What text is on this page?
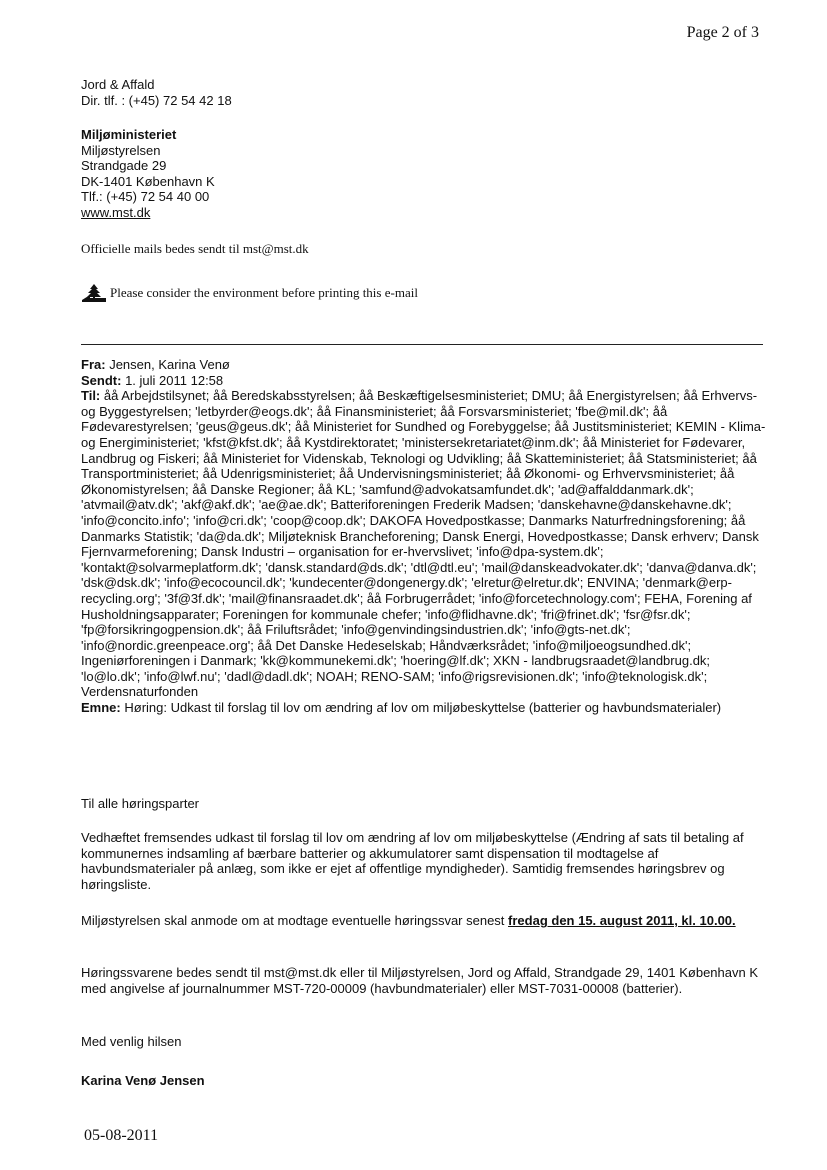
Page 2 of 3
Jord & Affald
Dir. tlf. : (+45) 72 54 42 18
Miljøministeriet
Miljøstyrelsen
Strandgade 29
DK-1401 København K
Tlf.: (+45) 72 54 40 00
www.mst.dk
Officielle mails bedes sendt til mst@mst.dk
Please consider the environment before printing this e-mail
Fra: Jensen, Karina Venø
Sendt: 1. juli 2011 12:58
Til: åå Arbejdstilsynet; åå Beredskabsstyrelsen; åå Beskæftigelsesministeriet; DMU; åå Energistyrelsen; åå Erhvervs- og Byggestyrelsen; 'letbyrder@eogs.dk'; åå Finansministeriet; åå Forsvarsministeriet; 'fbe@mil.dk'; åå Fødevarestyrelsen; 'geus@geus.dk'; åå Ministeriet for Sundhed og Forebyggelse; åå Justitsministeriet; KEMIN - Klima- og Energiministeriet; 'kfst@kfst.dk'; åå Kystdirektoratet; 'ministersekretariatet@inm.dk'; åå Ministeriet for Fødevarer, Landbrug og Fiskeri; åå Ministeriet for Videnskab, Teknologi og Udvikling; åå Skatteministeriet; åå Statsministeriet; åå Transportministeriet; åå Udenrigsministeriet; åå Undervisningsministeriet; åå Økonomi- og Erhvervsministeriet; åå Økonomistyrelsen; åå Danske Regioner; åå KL; 'samfund@advokatsamfundet.dk'; 'ad@affalddanmark.dk'; 'atvmail@atv.dk'; 'akf@akf.dk'; 'ae@ae.dk'; Batteriforeningen Frederik Madsen; 'danskehavne@danskehavne.dk'; 'info@concito.info'; 'info@cri.dk'; 'coop@coop.dk'; DAKOFA Hovedpostkasse; Danmarks Naturfredningsforening; åå Danmarks Statistik; 'da@da.dk'; Miljøteknisk Brancheforening; Dansk Energi, Hovedpostkasse; Dansk erhverv; Dansk Fjernvarmeforening; Dansk Industri – organisation for er-hvervslivet; 'info@dpa-system.dk'; 'kontakt@solvarmeplatform.dk'; 'dansk.standard@ds.dk'; 'dtl@dtl.eu'; 'mail@danskeadvokater.dk'; 'danva@danva.dk'; 'dsk@dsk.dk'; 'info@ecocouncil.dk'; 'kundecenter@dongenergy.dk'; 'elretur@elretur.dk'; ENVINA; 'denmark@erp-recycling.org'; '3f@3f.dk'; 'mail@finansraadet.dk'; åå Forbrugerrådet; 'info@forcetechnology.com'; FEHA, Forening af Husholdningsapparater; Foreningen for kommunale chefer; 'info@flidhavne.dk'; 'fri@frinet.dk'; 'fsr@fsr.dk'; 'fp@forsikringogpension.dk'; åå Friluftsrådet; 'info@genvindingsindustrien.dk'; 'info@gts-net.dk'; 'info@nordic.greenpeace.org'; åå Det Danske Hedeselskab; Håndværksrådet; 'info@miljoeogsundhed.dk'; Ingeniørforeningen i Danmark; 'kk@kommunekemi.dk'; 'hoering@lf.dk'; XKN - landbrugsraadet@landbrug.dk; 'lo@lo.dk'; 'info@lwf.nu'; 'dadl@dadl.dk'; NOAH; RENO-SAM; 'info@rigsrevisionen.dk'; 'info@teknologisk.dk'; Verdensnaturfonden
Emne: Høring: Udkast til forslag til lov om ændring af lov om miljøbeskyttelse (batterier og havbundsmaterialer)
Til alle høringsparter
Vedhæftet fremsendes udkast til forslag til lov om ændring af lov om miljøbeskyttelse (Ændring af sats til betaling af kommunernes indsamling af bærbare batterier og akkumulatorer samt dispensation til modtagelse af havbundsmaterialer på anlæg, som ikke er ejet af offentlige myndigheder). Samtidig fremsendes høringsbrev og høringsliste.
Miljøstyrelsen skal anmode om at modtage eventuelle høringssvar senest fredag den 15. august 2011, kl. 10.00.
Høringssvarene bedes sendt til mst@mst.dk eller til Miljøstyrelsen, Jord og Affald, Strandgade 29, 1401 København K med angivelse af journalnummer MST-720-00009 (havbundmaterialer) eller MST-7031-00008 (batterier).
Med venlig hilsen
Karina Venø Jensen
05-08-2011
